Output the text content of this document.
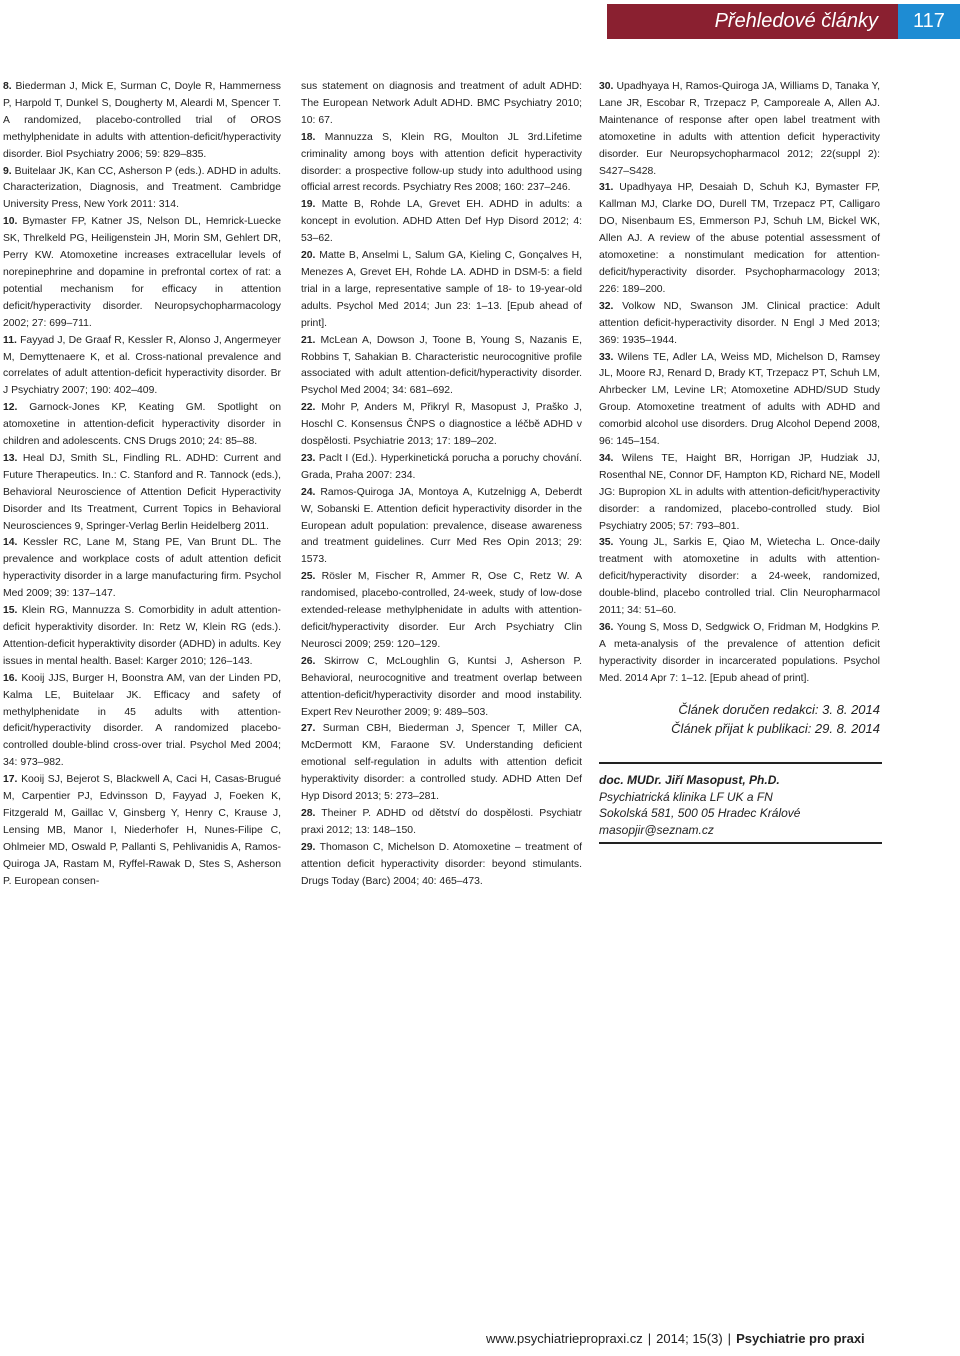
Přehledové články	117

8. Biederman J, Mick E, Surman C, Doyle R, Hammerness P, Harpold T, Dunkel S, Dougherty M, Aleardi M, Spencer T. A randomized, placebo-controlled trial of OROS methylphenidate in adults with attention-deficit/hyperactivity disorder. Biol Psychiatry 2006; 59: 829–835.

9. Buitelaar JK, Kan CC, Asherson P (eds.). ADHD in adults. Characterization, Diagnosis, and Treatment. Cambridge University Press, New York 2011: 314.

10. Bymaster FP, Katner JS, Nelson DL, Hemrick-Luecke SK, Threlkeld PG, Heiligenstein JH, Morin SM, Gehlert DR, Perry KW. Atomoxetine increases extracellular levels of norepinephrine and dopamine in prefrontal cortex of rat: a potential mechanism for efficacy in attention deficit/hyperactivity disorder. Neuropsychopharmacology 2002; 27: 699–711.

11. Fayyad J, De Graaf R, Kessler R, Alonso J, Angermeyer M, Demyttenaere K, et al. Cross-national prevalence and correlates of adult attention-deficit hyperactivity disorder. Br J Psychiatry 2007; 190: 402–409.

12. Garnock-Jones KP, Keating GM. Spotlight on atomoxetine in attention-deficit hyperactivity disorder in children and adolescents. CNS Drugs 2010; 24: 85–88.

13. Heal DJ, Smith SL, Findling RL. ADHD: Current and Future Therapeutics. In.: C. Stanford and R. Tannock (eds.), Behavioral Neuroscience of Attention Deficit Hyperactivity Disorder and Its Treatment, Current Topics in Behavioral Neurosciences 9, Springer-Verlag Berlin Heidelberg 2011.

14. Kessler RC, Lane M, Stang PE, Van Brunt DL. The prevalence and workplace costs of adult attention deficit hyperactivity disorder in a large manufacturing firm. Psychol Med 2009; 39: 137–147.

15. Klein RG, Mannuzza S. Comorbidity in adult attention-deficit hyperaktivity disorder. In: Retz W, Klein RG (eds.). Attention-deficit hyperaktivity disorder (ADHD) in adults. Key issues in mental health. Basel: Karger 2010; 126–143.

16. Kooij JJS, Burger H, Boonstra AM, van der Linden PD, Kalma LE, Buitelaar JK. Efficacy and safety of methylphenidate in 45 adults with attention-deficit/hyperactivity disorder. A randomized placebo-controlled double-blind cross-over trial. Psychol Med 2004; 34: 973–982.

17. Kooij SJ, Bejerot S, Blackwell A, Caci H, Casas-Brugué M, Carpentier PJ, Edvinsson D, Fayyad J, Foeken K, Fitzgerald M, Gaillac V, Ginsberg Y, Henry C, Krause J, Lensing MB, Manor I, Niederhofer H, Nunes-Filipe C, Ohlmeier MD, Oswald P, Pallanti S, Pehlivanidis A, Ramos-Quiroga JA, Rastam M, Ryffel-Rawak D, Stes S, Asherson P. European consen-

sus statement on diagnosis and treatment of adult ADHD: The European Network Adult ADHD. BMC Psychiatry 2010; 10: 67.

18. Mannuzza S, Klein RG, Moulton JL 3rd.Lifetime criminality among boys with attention deficit hyperactivity disorder: a prospective follow-up study into adulthood using official arrest records. Psychiatry Res 2008; 160: 237–246.

19. Matte B, Rohde LA, Grevet EH. ADHD in adults: a koncept in evolution. ADHD Atten Def Hyp Disord 2012; 4: 53–62.

20. Matte B, Anselmi L, Salum GA, Kieling C, Gonçalves H, Menezes A, Grevet EH, Rohde LA. ADHD in DSM-5: a field trial in a large, representative sample of 18- to 19-year-old adults. Psychol Med 2014; Jun 23: 1–13. [Epub ahead of print].

21. McLean A, Dowson J, Toone B, Young S, Nazanis E, Robbins T, Sahakian B. Characteristic neurocognitive profile associated with adult attention-deficit/hyperactivity disorder. Psychol Med 2004; 34: 681–692.

22. Mohr P, Anders M, Přikryl R, Masopust J, Praško J, Hoschl C. Konsensus ČNPS o diagnostice a léčbě ADHD v dospělosti. Psychiatrie 2013; 17: 189–202.

23. Paclt I (Ed.). Hyperkinetická porucha a poruchy chování. Grada, Praha 2007: 234.

24. Ramos-Quiroga JA, Montoya A, Kutzelnigg A, Deberdt W, Sobanski E. Attention deficit hyperactivity disorder in the European adult population: prevalence, disease awareness and treatment guidelines. Curr Med Res Opin 2013; 29: 1573.

25. Rösler M, Fischer R, Ammer R, Ose C, Retz W. A randomised, placebo-controlled, 24-week, study of low-dose extended-release methylphenidate in adults with attention-deficit/hyperactivity disorder. Eur Arch Psychiatry Clin Neurosci 2009; 259: 120–129.

26. Skirrow C, McLoughlin G, Kuntsi J, Asherson P. Behavioral, neurocognitive and treatment overlap between attention-deficit/hyperactivity disorder and mood instability. Expert Rev Neurother 2009; 9: 489–503.

27. Surman CBH, Biederman J, Spencer T, Miller CA, McDermott KM, Faraone SV. Understanding deficient emotional self-regulation in adults with attention deficit hyperaktivity disorder: a controlled study. ADHD Atten Def Hyp Disord 2013; 5: 273–281.

28. Theiner P. ADHD od dětství do dospělosti. Psychiatr praxi 2012; 13: 148–150.

29. Thomason C, Michelson D. Atomoxetine – treatment of attention deficit hyperactivity disorder: beyond stimulants. Drugs Today (Barc) 2004; 40: 465–473.

30. Upadhyaya H, Ramos-Quiroga JA, Williams D, Tanaka Y, Lane JR, Escobar R, Trzepacz P, Camporeale A, Allen AJ. Maintenance of response after open label treatment with atomoxetine in adults with attention deficit hyperactivity disorder. Eur Neuropsychopharmacol 2012; 22(suppl 2): S427–S428.

31. Upadhyaya HP, Desaiah D, Schuh KJ, Bymaster FP, Kallman MJ, Clarke DO, Durell TM, Trzepacz PT, Calligaro DO, Nisenbaum ES, Emmerson PJ, Schuh LM, Bickel WK, Allen AJ. A review of the abuse potential assessment of atomoxetine: a nonstimulant medication for attention-deficit/hyperactivity disorder. Psychopharmacology 2013; 226: 189–200.

32. Volkow ND, Swanson JM. Clinical practice: Adult attention deficit-hyperactivity disorder. N Engl J Med 2013; 369: 1935–1944.

33. Wilens TE, Adler LA, Weiss MD, Michelson D, Ramsey JL, Moore RJ, Renard D, Brady KT, Trzepacz PT, Schuh LM, Ahrbecker LM, Levine LR; Atomoxetine ADHD/SUD Study Group. Atomoxetine treatment of adults with ADHD and comorbid alcohol use disorders. Drug Alcohol Depend 2008, 96: 145–154.

34. Wilens TE, Haight BR, Horrigan JP, Hudziak JJ, Rosenthal NE, Connor DF, Hampton KD, Richard NE, Modell JG: Bupropion XL in adults with attention-deficit/hyperactivity disorder: a randomized, placebo-controlled study. Biol Psychiatry 2005; 57: 793–801.

35. Young JL, Sarkis E, Qiao M, Wietecha L. Once-daily treatment with atomoxetine in adults with attention-deficit/hyperactivity disorder: a 24-week, randomized, double-blind, placebo controlled trial. Clin Neuropharmacol 2011; 34: 51–60.

36. Young S, Moss D, Sedgwick O, Fridman M, Hodgkins P. A meta-analysis of the prevalence of attention deficit hyperactivity disorder in incarcerated populations. Psychol Med. 2014 Apr 7: 1–12. [Epub ahead of print].

Článek doručen redakci: 3. 8. 2014
Článek přijat k publikaci: 29. 8. 2014
doc. MUDr. Jiří Masopust, Ph.D.
Psychiatrická klinika LF UK a FN
Sokolská 581, 500 05 Hradec Králové
masopjir@seznam.cz
www.psychiatriepropraxi.cz | 2014; 15(3) | Psychiatrie pro praxi
